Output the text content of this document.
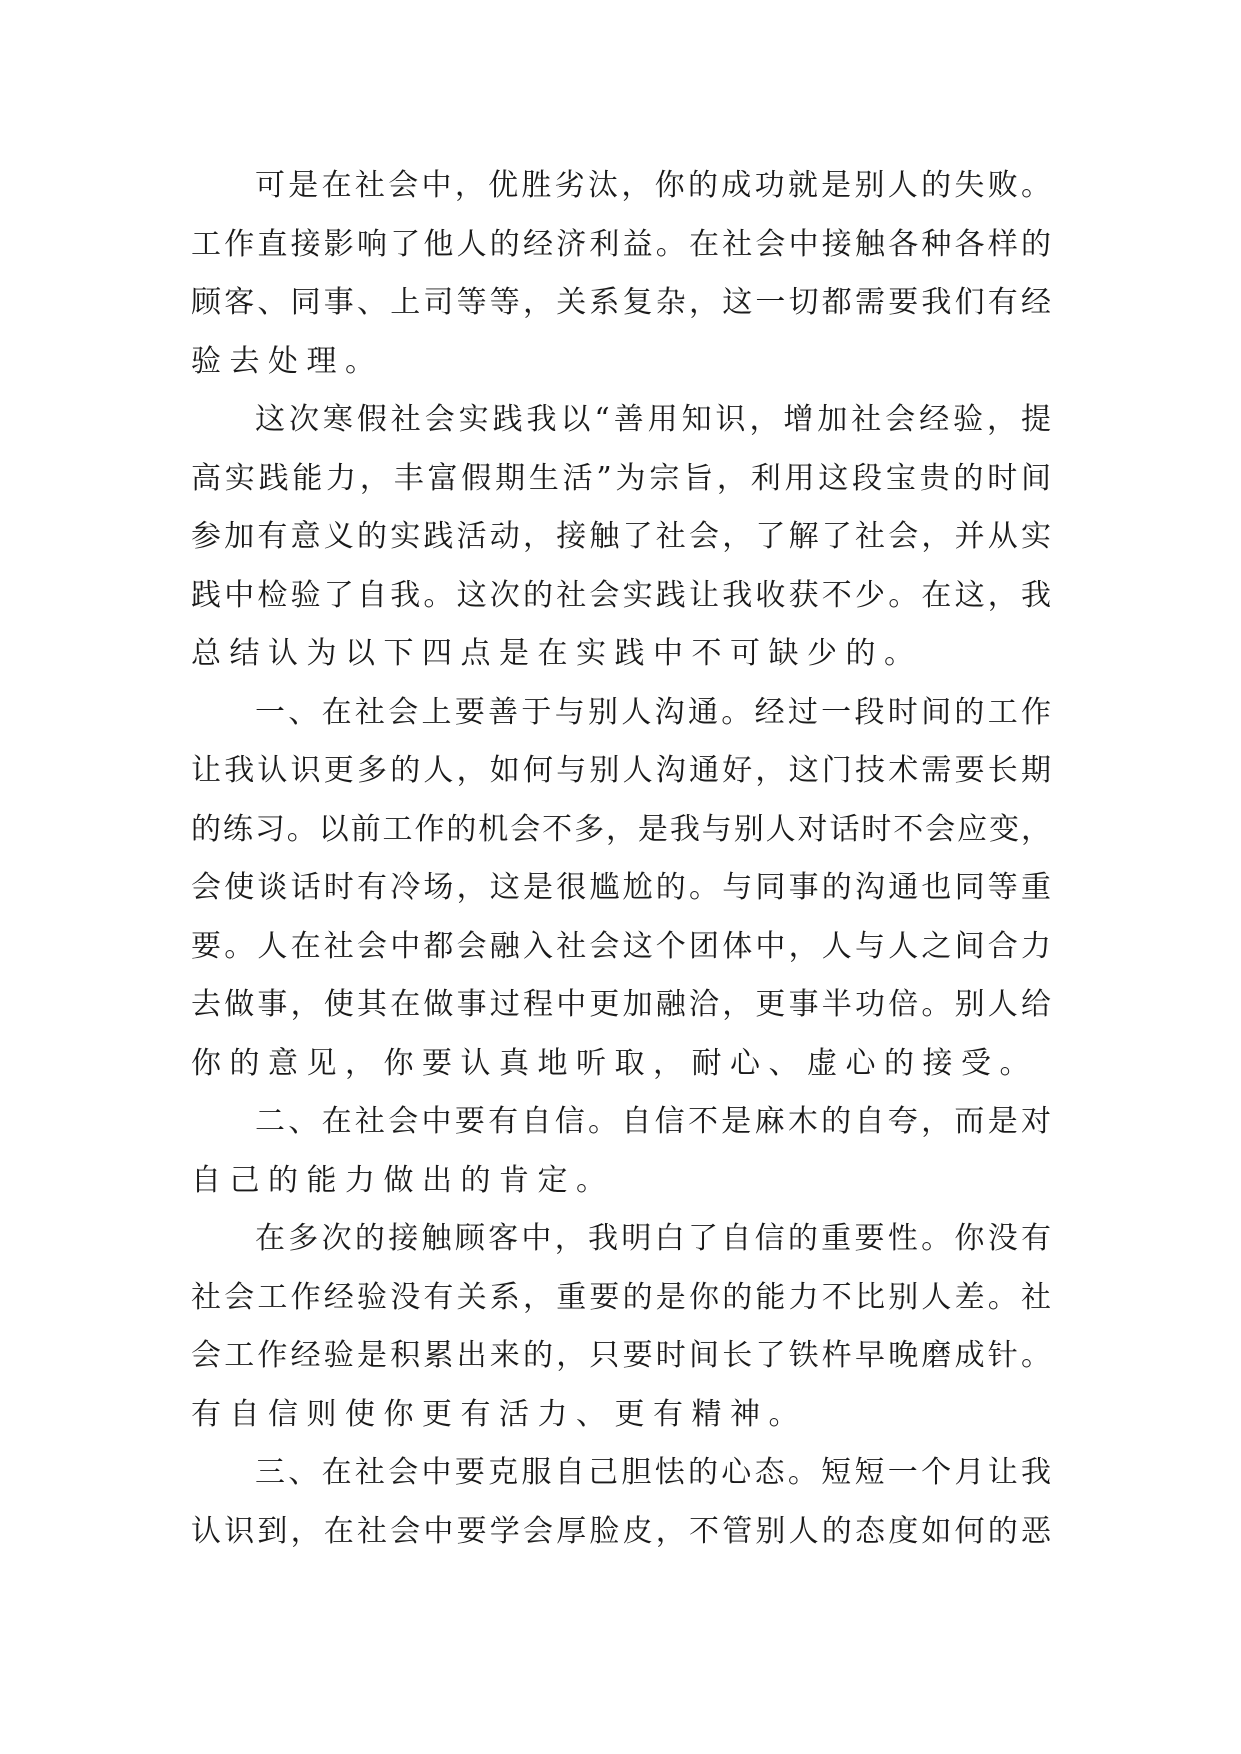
可是在社会中，优胜劣汰，你的成功就是别人的失败。
工作直接影响了他人的经济利益。在社会中接触各种各样的
顾客、同事、上司等等，关系复杂，这一切都需要我们有经
验去处理。
这次寒假社会实践我以“善用知识，增加社会经验，提
高实践能力，丰富假期生活”为宗旨，利用这段宝贵的时间
参加有意义的实践活动，接触了社会，了解了社会，并从实
践中检验了自我。这次的社会实践让我收获不少。在这，我
总结认为以下四点是在实践中不可缺少的。
一、在社会上要善于与别人沟通。经过一段时间的工作
让我认识更多的人，如何与别人沟通好，这门技术需要长期
的练习。以前工作的机会不多，是我与别人对话时不会应变，
会使谈话时有冷场，这是很尴尬的。与同事的沟通也同等重
要。人在社会中都会融入社会这个团体中，人与人之间合力
去做事，使其在做事过程中更加融洽，更事半功倍。别人给
你的意见，你要认真地听取，耐心、虚心的接受。
二、在社会中要有自信。自信不是麻木的自夸，而是对
自己的能力做出的肯定。
在多次的接触顾客中，我明白了自信的重要性。你没有
社会工作经验没有关系，重要的是你的能力不比别人差。社
会工作经验是积累出来的，只要时间长了铁杵早晚磨成针。
有自信则使你更有活力、更有精神。
三、在社会中要克服自己胆怯的心态。短短一个月让我
认识到，在社会中要学会厚脸皮，不管别人的态度如何的恶
